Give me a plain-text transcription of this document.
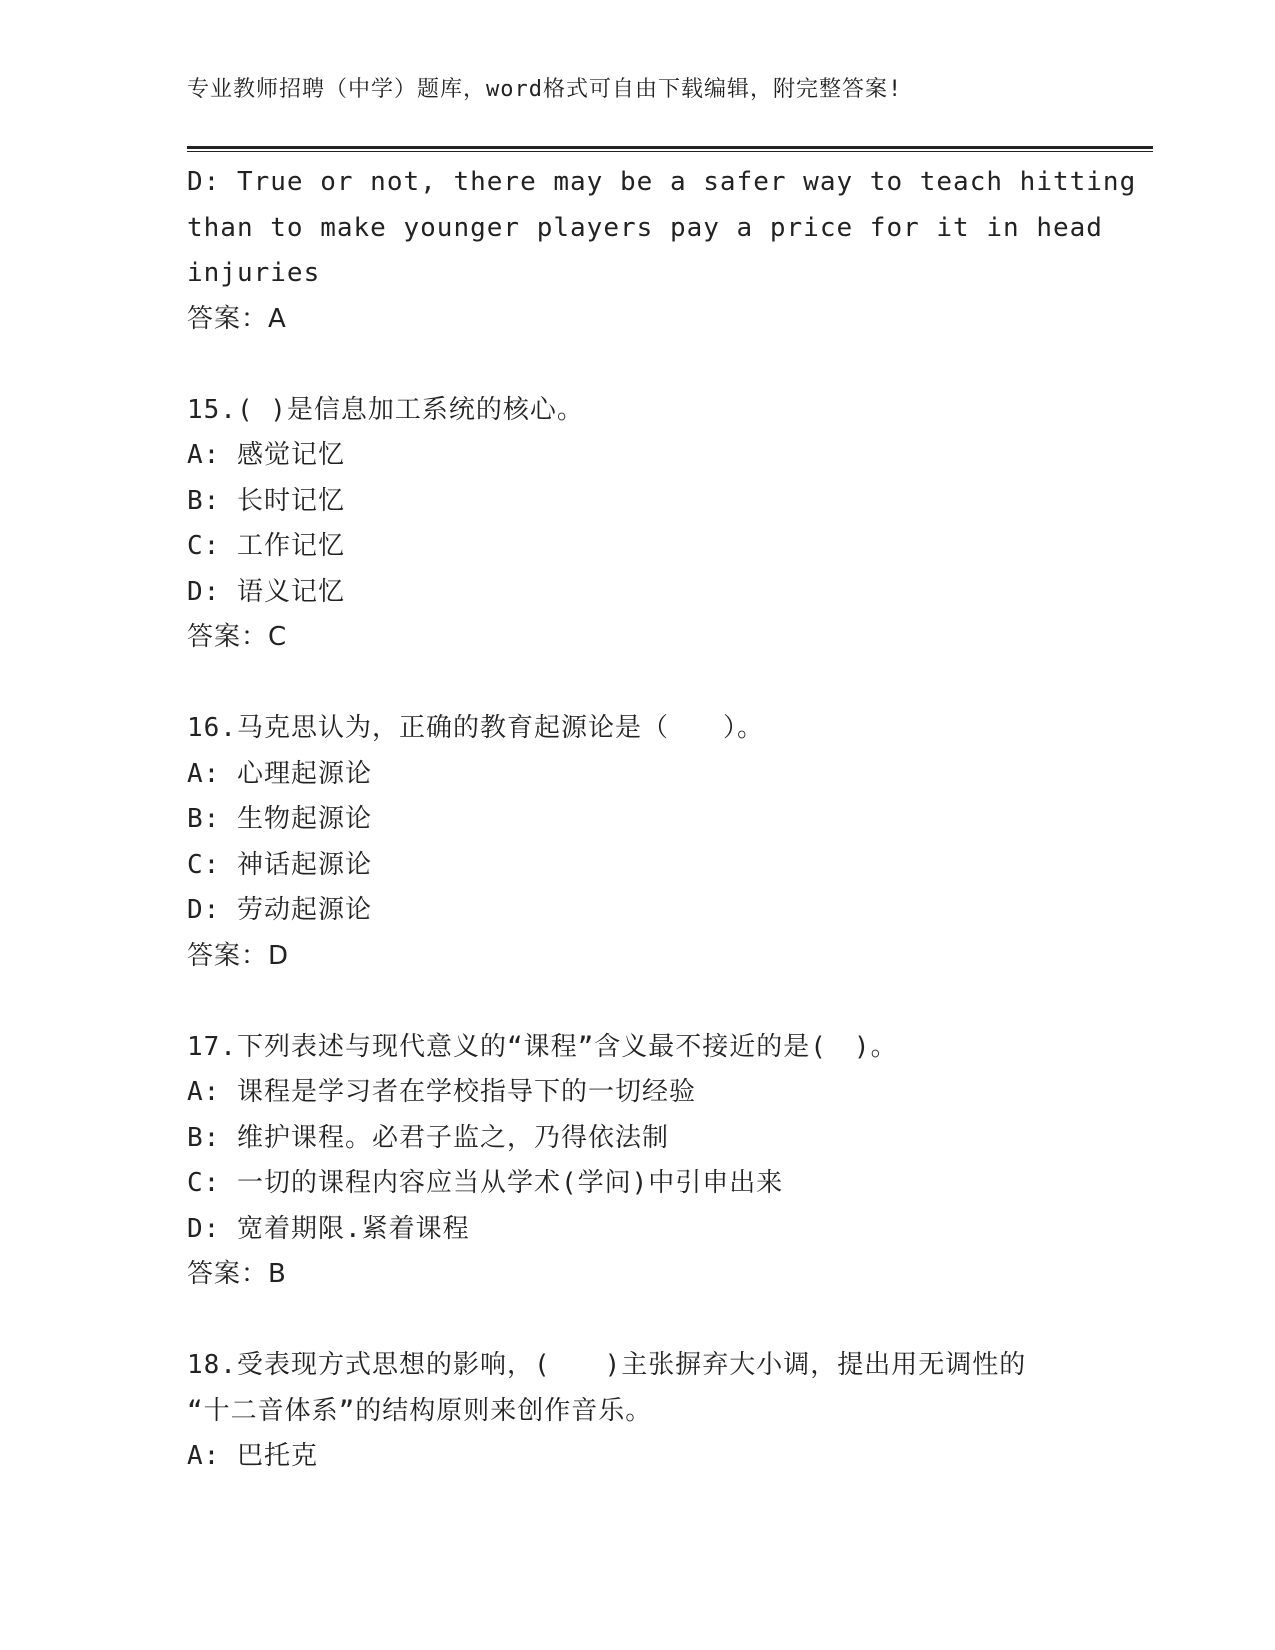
专业教师招聘（中学）题库，word格式可自由下载编辑，附完整答案!
D: True or not, there may be a safer way to teach hitting
than to make younger players pay a price for it in head
injuries
答案：A
15.( )是信息加工系统的核心。
A: 感觉记忆
B: 长时记忆
C: 工作记忆
D: 语义记忆
答案：C
16.马克思认为，正确的教育起源论是（　　）。
A: 心理起源论
B: 生物起源论
C: 神话起源论
D: 劳动起源论
答案：D
17.下列表述与现代意义的“课程”含义最不接近的是(　)。
A: 课程是学习者在学校指导下的一切经验
B: 维护课程。必君子监之，乃得依法制
C: 一切的课程内容应当从学术(学问)中引申出来
D: 宽着期限.紧着课程
答案：B
18.受表现方式思想的影响，(　　)主张摒弃大小调，提出用无调性的
“十二音体系”的结构原则来创作音乐。
A: 巴托克
